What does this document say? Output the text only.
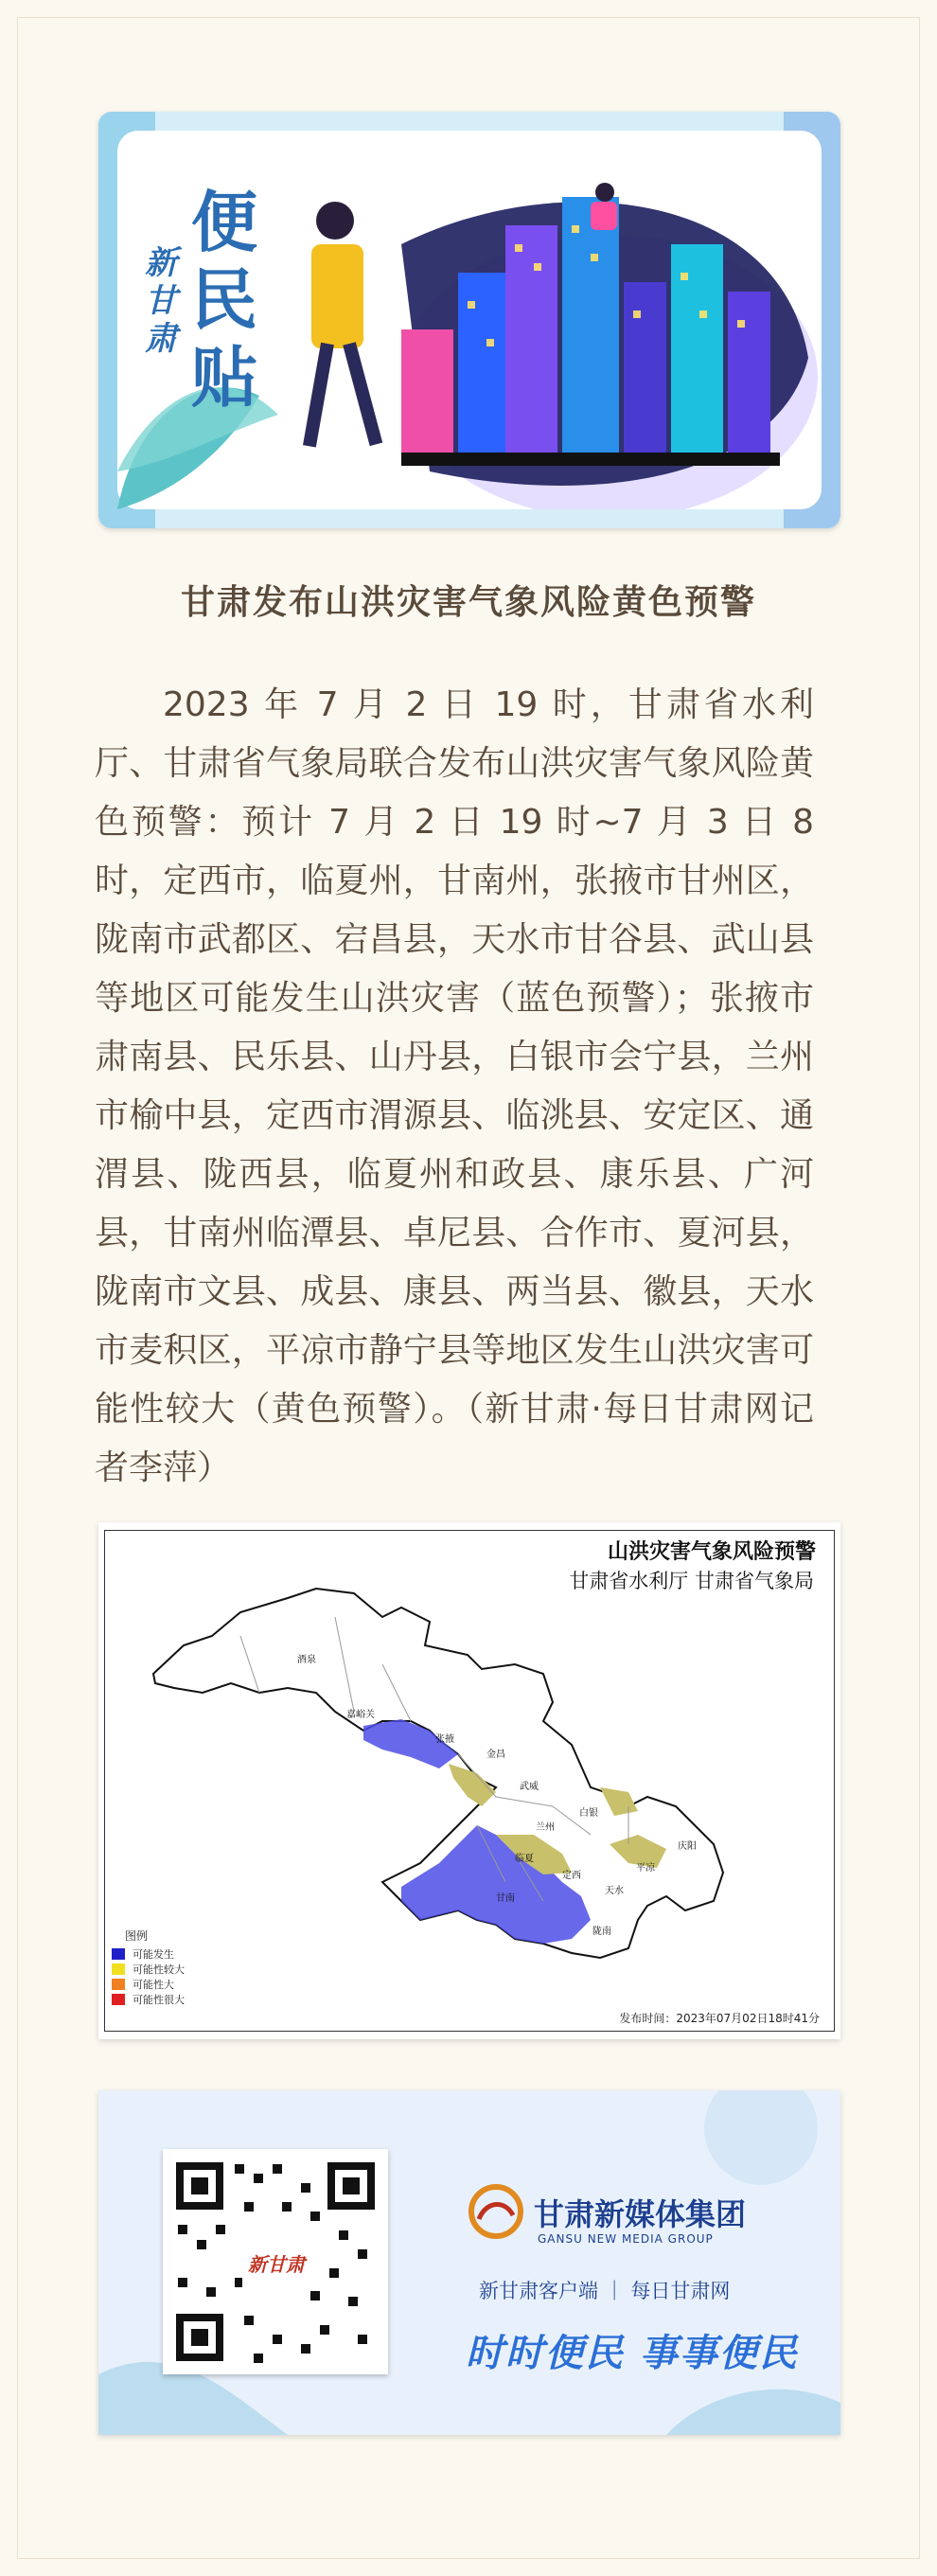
新甘肃
便
民
贴
甘肃发布山洪灾害气象风险黄色预警

2023 年 7 月 2 日 19 时，甘肃省水利厅、甘肃省气象局联合发布山洪灾害气象风险黄色预警：预计 7 月 2 日 19 时~7 月 3 日 8 时，定西市，临夏州，甘南州，张掖市甘州区，陇南市武都区、宕昌县，天水市甘谷县、武山县等地区可能发生山洪灾害（蓝色预警）；张掖市肃南县、民乐县、山丹县，白银市会宁县，兰州市榆中县，定西市渭源县、临洮县、安定区、通渭县、陇西县，临夏州和政县、康乐县、广河县，甘南州临潭县、卓尼县、合作市、夏河县，陇南市文县、成县、康县、两当县、徽县，天水市麦积区，平凉市静宁县等地区发生山洪灾害可能性较大（黄色预警）。（新甘肃·每日甘肃网记者李萍）

山洪灾害气象风险预警
甘肃省水利厅 甘肃省气象局
酒泉
嘉峪关
张掖
金昌
武威
兰州
白银
庆阳
临夏
定西
平凉
天水
甘南
陇南
图例
可能发生
可能性较大
可能性大
可能性很大
发布时间：2023年07月02日18时41分
新甘肃
甘肃新媒体集团
GANSU NEW MEDIA GROUP
新甘肃客户端 ｜ 每日甘肃网
时时便民 事事便民
